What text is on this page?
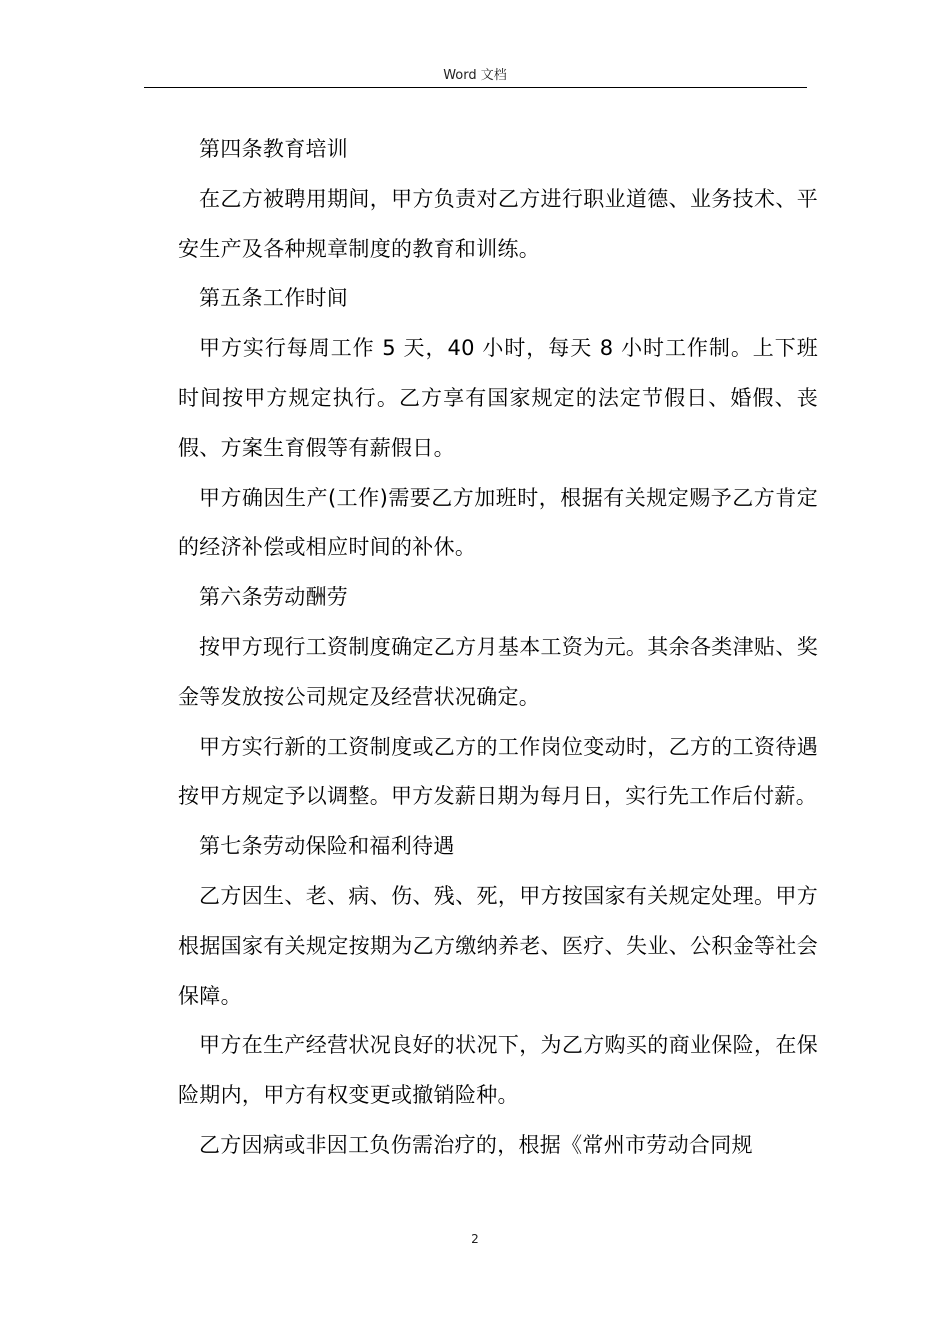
Word 文档

第四条教育培训

在乙方被聘用期间，甲方负责对乙方进行职业道德、业务技术、平安生产及各种规章制度的教育和训练。

第五条工作时间

甲方实行每周工作 5 天，40 小时，每天 8 小时工作制。上下班时间按甲方规定执行。乙方享有国家规定的法定节假日、婚假、丧假、方案生育假等有薪假日。

甲方确因生产(工作)需要乙方加班时，根据有关规定赐予乙方肯定的经济补偿或相应时间的补休。

第六条劳动酬劳

按甲方现行工资制度确定乙方月基本工资为元。其余各类津贴、奖金等发放按公司规定及经营状况确定。

甲方实行新的工资制度或乙方的工作岗位变动时，乙方的工资待遇按甲方规定予以调整。甲方发薪日期为每月日，实行先工作后付薪。

第七条劳动保险和福利待遇

乙方因生、老、病、伤、残、死，甲方按国家有关规定处理。甲方根据国家有关规定按期为乙方缴纳养老、医疗、失业、公积金等社会保障。

甲方在生产经营状况良好的状况下，为乙方购买的商业保险，在保险期内，甲方有权变更或撤销险种。

乙方因病或非因工负伤需治疗的，根据《常州市劳动合同规

2
